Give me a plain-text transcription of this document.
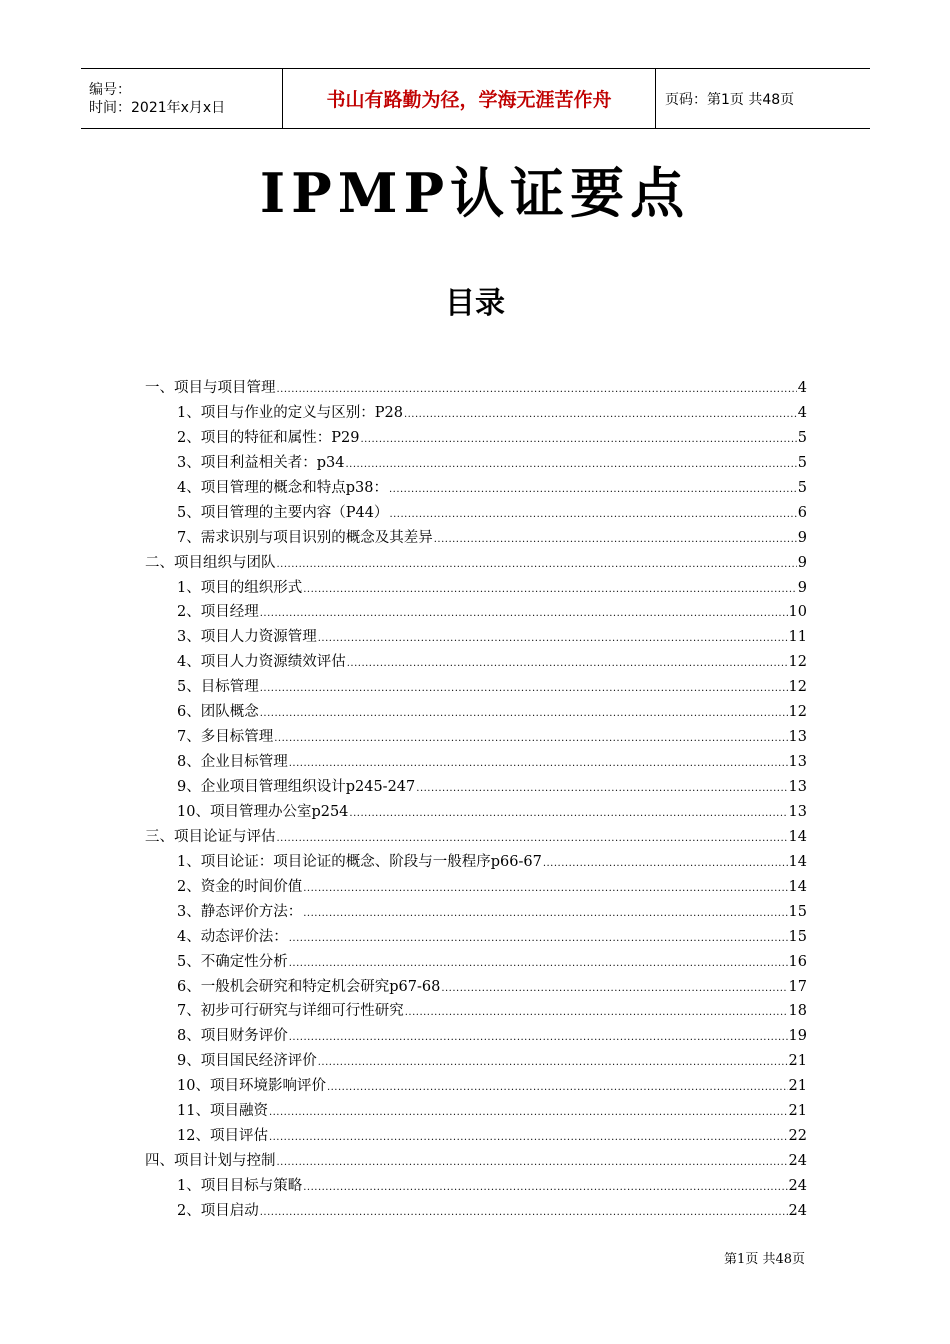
编号：
时间：2021年x月x日	书山有路勤为径，学海无涯苦作舟	页码：第1页 共48页
IPMP认证要点
目录
一、项目与项目管理 .....	4
1、项目与作业的定义与区别：P28 .....	4
2、项目的特征和属性：P29 .....	5
3、项目利益相关者：p34 .....	5
4、项目管理的概念和特点p38： .....	5
5、项目管理的主要内容（P44） .....	6
7、需求识别与项目识别的概念及其差异 .....	9
二、项目组织与团队 .....	9
1、项目的组织形式 .....	9
2、项目经理 .....	10
3、项目人力资源管理 .....	11
4、项目人力资源绩效评估 .....	12
5、目标管理 .....	12
6、团队概念 .....	12
7、多目标管理 .....	13
8、企业目标管理 .....	13
9、企业项目管理组织设计p245-247 .....	13
10、项目管理办公室p254 .....	13
三、项目论证与评估 .....	14
1、项目论证：项目论证的概念、阶段与一般程序p66-67 .....	14
2、资金的时间价值 .....	14
3、静态评价方法： .....	15
4、动态评价法： .....	15
5、不确定性分析 .....	16
6、一般机会研究和特定机会研究p67-68 .....	17
7、初步可行研究与详细可行性研究 .....	18
8、项目财务评价 .....	19
9、项目国民经济评价 .....	21
10、项目环境影响评价 .....	21
11、项目融资 .....	21
12、项目评估 .....	22
四、项目计划与控制 .....	24
1、项目目标与策略 .....	24
2、项目启动 .....	24
第1页 共48页
